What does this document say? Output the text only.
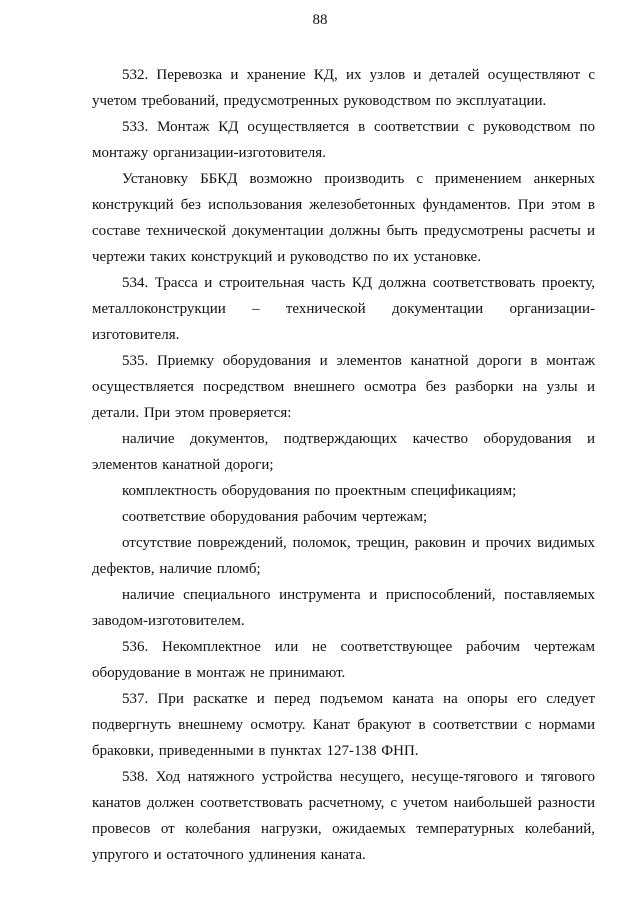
88

532. Перевозка и хранение КД, их узлов и деталей осуществляют с учетом требований, предусмотренных руководством по эксплуатации.

533. Монтаж КД осуществляется в соответствии с руководством по монтажу организации-изготовителя.

Установку ББКД возможно производить с применением анкерных конструкций без использования железобетонных фундаментов. При этом в составе технической документации должны быть предусмотрены расчеты и чертежи таких конструкций и руководство по их установке.

534. Трасса и строительная часть КД должна соответствовать проекту, металлоконструкции – технической документации организации-изготовителя.

535. Приемку оборудования и элементов канатной дороги в монтаж осуществляется посредством внешнего осмотра без разборки на узлы и детали. При этом проверяется:

наличие документов, подтверждающих качество оборудования и элементов канатной дороги;

комплектность оборудования по проектным спецификациям;

соответствие оборудования рабочим чертежам;

отсутствие повреждений, поломок, трещин, раковин и прочих видимых дефектов, наличие пломб;

наличие специального инструмента и приспособлений, поставляемых заводом-изготовителем.

536. Некомплектное или не соответствующее рабочим чертежам оборудование в монтаж не принимают.

537. При раскатке и перед подъемом каната на опоры его следует подвергнуть внешнему осмотру. Канат бракуют в соответствии с нормами браковки, приведенными в пунктах 127-138 ФНП.

538. Ход натяжного устройства несущего, несуще-тягового и тягового канатов должен соответствовать расчетному, с учетом наибольшей разности провесов от колебания нагрузки, ожидаемых температурных колебаний, упругого и остаточного удлинения каната.
